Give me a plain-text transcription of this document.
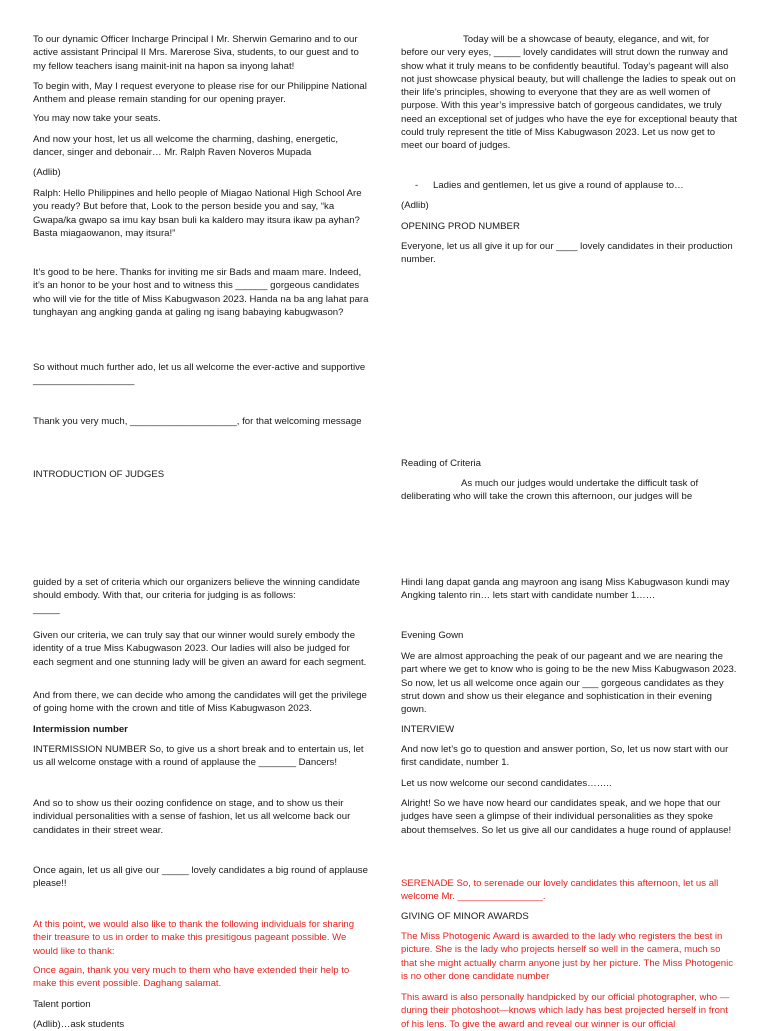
To our dynamic Officer Incharge Principal I Mr. Sherwin Gemarino and to our active assistant Principal II Mrs. Marerose Siva, students, to our guest and to my fellow teachers isang mainit-init na hapon sa inyong lahat!

To begin with, May I request everyone to please rise for our Philippine National Anthem and please remain standing for our opening prayer.

You may now take your seats.

And now your host, let us all welcome the charming, dashing, energetic, dancer, singer and debonair… Mr. Ralph Raven Noveros Mupada

(Adlib)

Ralph: Hello Philippines and hello people of Miagao National High School Are you ready? But before that, Look to the person beside you and say, “ka Gwapa/ka gwapo sa imu kay bsan buli ka kaldero may itsura ikaw pa ayhan? Basta miagaowanon, may itsura!”

It’s good to be here. Thanks for inviting me sir Bads and maam mare. Indeed, it’s an honor to be your host and to witness this ______ gorgeous candidates who will vie for the title of Miss Kabugwason 2023. Handa na ba ang lahat para tunghayan ang angking ganda at galing ng isang babaying kabugwason?

So without much further ado, let us all welcome the ever-active and supportive ___________________

Thank you very much, ____________________, for that welcoming message

INTRODUCTION OF JUDGES

guided by a set of criteria which our organizers believe the winning candidate should embody. With that, our criteria for judging is as follows:

_____

Given our criteria, we can truly say that our winner would surely embody the identity of a true Miss Kabugwason 2023. Our ladies will also be judged for each segment and one stunning lady will be given an award for each segment.

And from there, we can decide who among the candidates will get the privilege of going home with the crown and title of Miss Kabugwason 2023.

Intermission number

INTERMISSION NUMBER So, to give us a short break and to entertain us, let us all welcome onstage with a round of applause the _______ Dancers!

And so to show us their oozing confidence on stage, and to show us their individual personalities with a sense of fashion, let us all welcome back our candidates in their street wear.

Once again, let us all give our _____ lovely candidates a big round of applause please!!

At this point, we would also like to thank the following individuals for sharing their treasure to us in order to make this presitigous pageant possible. We would like to thank:

Once again, thank you very much to them who have extended their help to make this event possible. Daghang salamat.

Talent portion

(Adlib)…ask students

Today will be a showcase of beauty, elegance, and wit, for before our very eyes, _____ lovely candidates will strut down the runway and show what it truly means to be confidently beautiful. Today’s pageant will also not just showcase physical beauty, but will challenge the ladies to speak out on their life’s principles, showing to everyone that they are as well women of purpose. With this year’s impressive batch of gorgeous candidates, we truly need an exceptional set of judges who have the eye for exceptional beauty that could truly represent the title of Miss Kabugwason 2023. Let us now get to meet our board of judges.

- Ladies and gentlemen, let us give a round of applause to…

(Adlib)

OPENING PROD NUMBER

Everyone, let us all give it up for our ____ lovely candidates in their production number.

Reading of Criteria

As much our judges would undertake the difficult task of deliberating who will take the crown this afternoon, our judges will be

Hindi lang dapat ganda ang mayroon ang isang Miss Kabugwason kundi may Angking talento rin… lets start with candidate number 1……

Evening Gown

We are almost approaching the peak of our pageant and we are nearing the part where we get to know who is going to be the new Miss Kabugwason 2023. So now, let us all welcome once again our ___ gorgeous candidates as they strut down and show us their elegance and sophistication in their evening gown.

INTERVIEW

And now let’s go to question and answer portion, So, let us now start with our first candidate, number 1.

Let us now welcome our second candidates……..

Alright! So we have now heard our candidates speak, and we hope that our judges have seen a glimpse of their individual personalities as they spoke about themselves. So let us give all our candidates a huge round of applause!

SERENADE So, to serenade our lovely candidates this afternoon, let us all welcome Mr. ________________.

GIVING OF MINOR AWARDS

The Miss Photogenic Award is awarded to the lady who registers the best in picture. She is the lady who projects herself so well in the camera, much so that she might actually charm anyone just by her picture. The Miss Photogenic is no other done candidate number

This award is also personally handpicked by our official photographer, who — during their photoshoot—knows which lady has best projected herself in front of his lens. To give the award and reveal our winner is our official
